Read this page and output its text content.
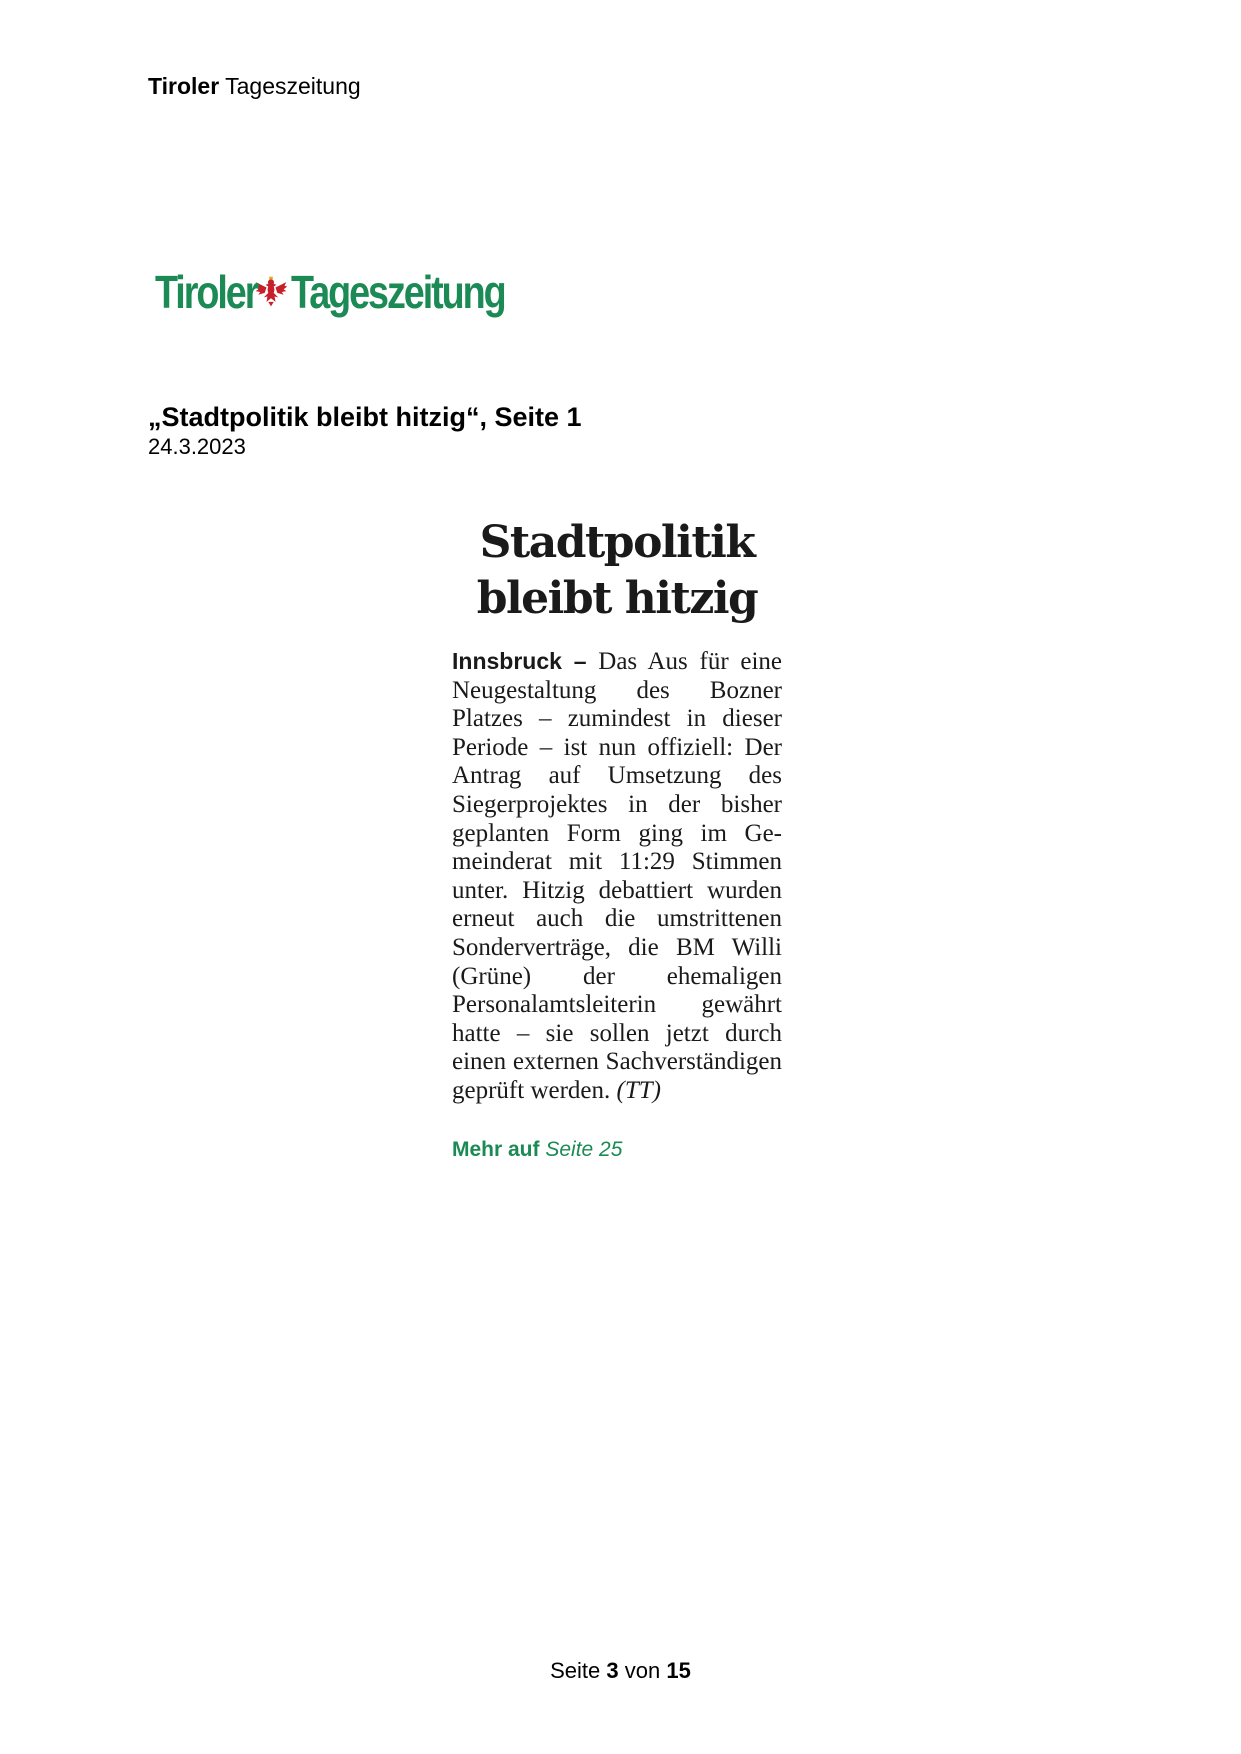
Tiroler Tageszeitung
Tiroler Tageszeitung
„Stadtpolitik bleibt hitzig“, Seite 1
24.3.2023
Stadtpolitik
bleibt hitzig
Innsbruck – Das Aus für eine Neugestaltung des Bozner Platzes – zumindest in dieser Periode – ist nun offiziell: Der Antrag auf Umsetzung des Siegerprojektes in der bisher geplanten Form ging im Gemeinderat mit 11:29 Stimmen unter. Hitzig debattiert wurden erneut auch die umstrittenen Sonderverträge, die BM Willi (Grüne) der ehemaligen Personalamtsleiterin gewährt hatte – sie sollen jetzt durch einen externen Sachverständigen geprüft werden. (TT)
Mehr auf Seite 25
Seite 3 von 15
